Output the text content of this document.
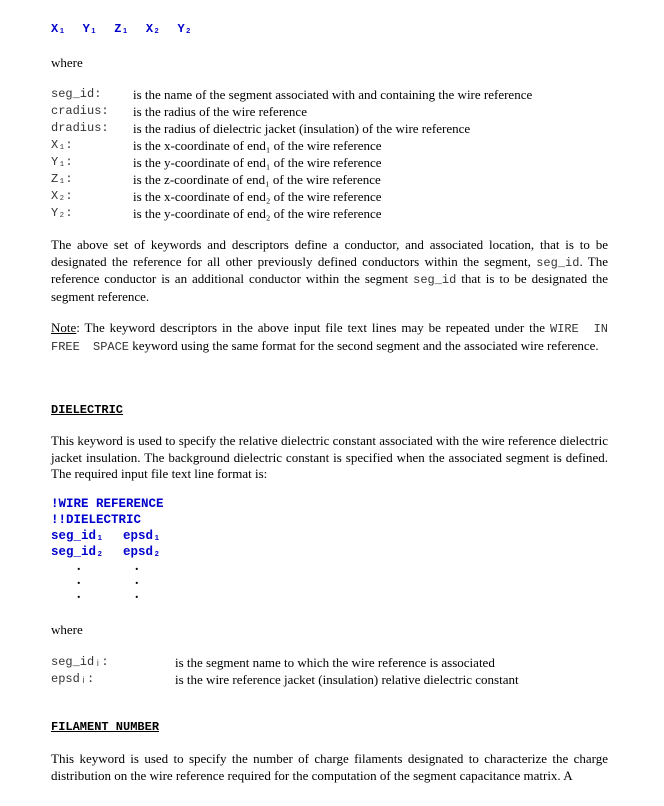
X₁ Y₁ Z₁ X₂ Y₂
where
seg_id: is the name of the segment associated with and containing the wire reference
cradius: is the radius of the wire reference
dradius: is the radius of dielectric jacket (insulation) of the wire reference
X₁:	is the x-coordinate of end₁ of the wire reference
Y₁:	is the y-coordinate of end₁ of the wire reference
Z₁:	is the z-coordinate of end₁ of the wire reference
X₂:	is the x-coordinate of end₂ of the wire reference
Y₂:	is the y-coordinate of end₂ of the wire reference
The above set of keywords and descriptors define a conductor, and associated location, that is to be designated the reference for all other previously defined conductors within the segment, seg_id. The reference conductor is an additional conductor within the segment seg_id that is to be designated the segment reference.
Note: The keyword descriptors in the above input file text lines may be repeated under the WIRE IN FREE SPACE keyword using the same format for the second segment and the associated wire reference.
DIELECTRIC
This keyword is used to specify the relative dielectric constant associated with the wire reference dielectric jacket insulation. The background dielectric constant is specified when the associated segment is defined. The required input file text line format is:
!WIRE REFERENCE
!!DIELECTRIC
seg_id₁ epsd₁
seg_id₂ epsd₂
.
.
.
.
.
.
where
seg_idᵢ:	is the segment name to which the wire reference is associated
epsdᵢ:	is the wire reference jacket (insulation) relative dielectric constant
FILAMENT NUMBER
This keyword is used to specify the number of charge filaments designated to characterize the charge distribution on the wire reference required for the computation of the segment capacitance matrix. A
